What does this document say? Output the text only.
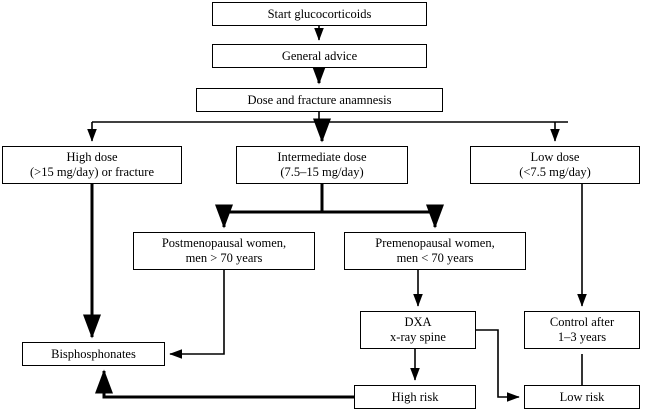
Start glucocorticoids
General advice
Dose and fracture anamnesis
High dose
(>15 mg/day) or fracture
Intermediate dose
(7.5–15 mg/day)
Low dose
(<7.5 mg/day)
Postmenopausal women,
men > 70 years
Premenopausal women,
men < 70 years
DXA
x-ray spine
Control after
1–3 years
Bisphosphonates
High risk	Low risk
